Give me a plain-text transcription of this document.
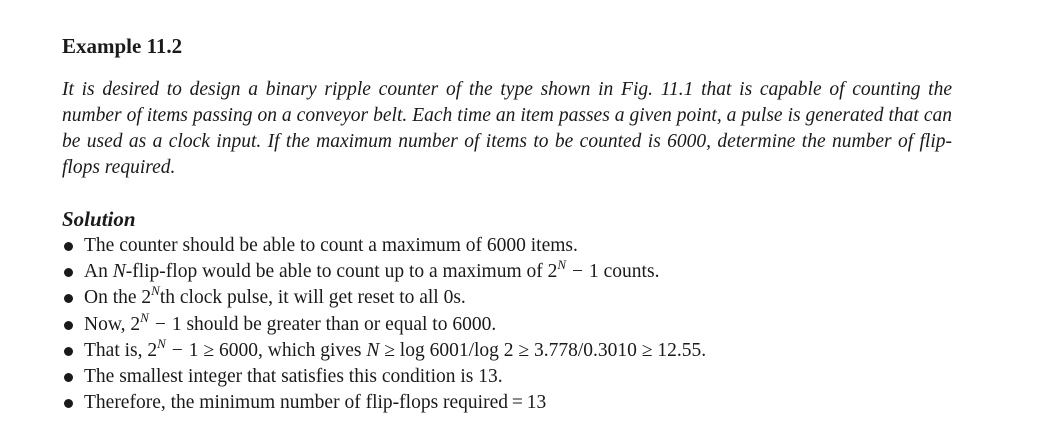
Example 11.2

It is desired to design a binary ripple counter of the type shown in Fig. 11.1 that is capable of counting the number of items passing on a conveyor belt. Each time an item passes a given point, a pulse is generated that can be used as a clock input. If the maximum number of items to be counted is 6000, determine the number of flip-flops required.

Solution
The counter should be able to count a maximum of 6000 items.
An N-flip-flop would be able to count up to a maximum of $2^N - 1$ counts.
On the $2^Nth$ clock pulse, it will get reset to all 0s.
Now, $2^N - 1$ should be greater than or equal to 6000.
That is, $2^N - 1 \ge 6000$, which gives N ≥ log 6001/log 2 ≥ 3.778/0.3010 ≥ 12.55.
The smallest integer that satisfies this condition is 13.
Therefore, the minimum number of flip-flops required = 13
